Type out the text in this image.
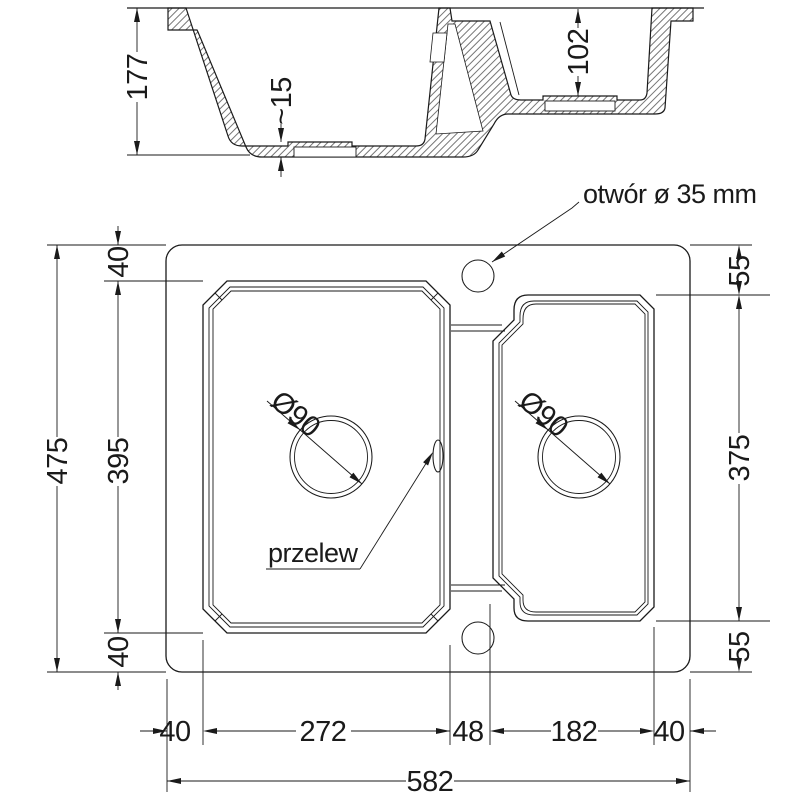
177
~15
102
otwór ø 35 mm
przelew
Ø90	Ø90
475
40
395
40
55
375
55
40	272	48 182 40
582
